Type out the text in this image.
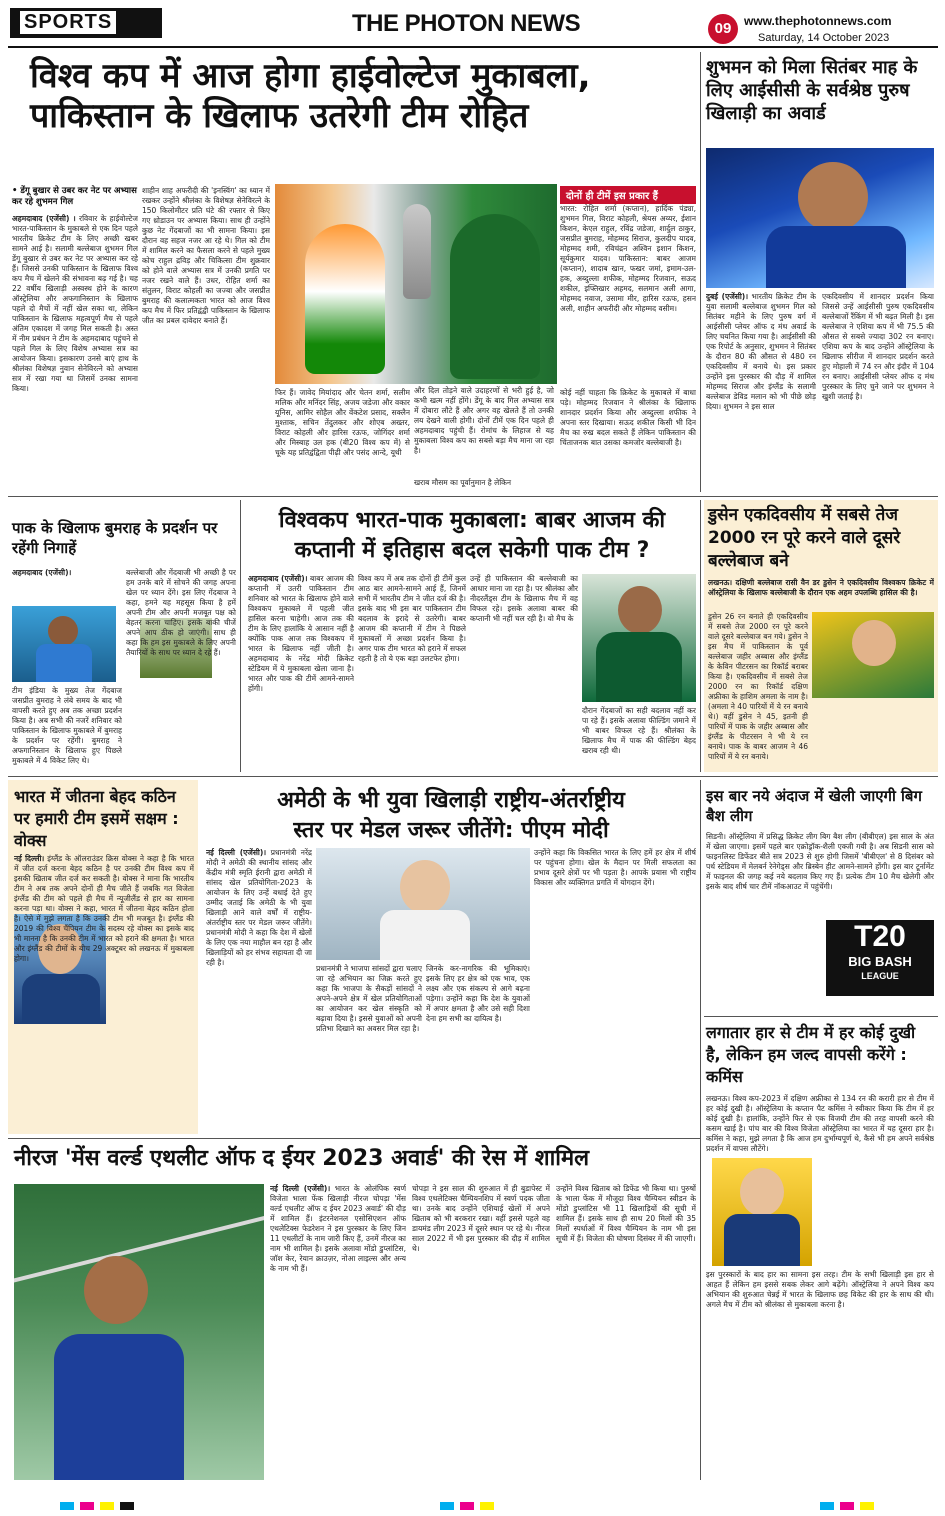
SPORTS	THE PHOTON NEWS	09	www.thephotonnews.com
Saturday, 14 October 2023
विश्व कप में आज होगा हाईवोल्टेज मुकाबला,
पाकिस्तान के खिलाफ उतरेगी टीम रोहित
• डेंगू बुखार से उबर कर नेट पर अभ्यास कर रहे शुभमन गिल
अहमदाबाद (एजेंसी) । रविवार के हाईवोल्टेज भारत-पाकिस्तान के मुकाबले से एक दिन पहले भारतीय क्रिकेट टीम के लिए अच्छी खबर सामने आई है। सलामी बल्लेबाज शुभमन गिल डेंगू बुखार से उबर कर नेट पर अभ्यास कर रहे हैं। जिससे उनकी पाकिस्तान के खिलाफ विश्व कप मैच में खेलने की संभावना बढ़ गई है। चह 22 वर्षीय खिलाड़ी अस्वस्थ होने के कारण ऑस्ट्रेलिया और अफगानिस्तान के खिलाफ पहले दो मैचों में नहीं खेल सका था, लेकिन पाकिस्तान के खिलाफ महत्वपूर्ण मैच से पहले अंतिम एकादश में जगह मिल सकती है। अस्त में नीम प्रबंधन ने टीम के अहमदाबाद पहुंचने से पहले गिल के लिए विशेष अभ्यास सत्र का आयोजन किया। इसकारण उनसे बाएं हाथ के श्रीलंका विशेषज्ञ नुवान सेनेविरत्ने को अभ्यास सत्र में रखा गया था जिसमें उनका सामना किया।
शाहीन शाह अफरीदी की 'इनस्विंग' का ध्यान में रखकर उन्होंने श्रीलंका के विशेषज्ञ सेनेविरत्ने के 150 किलोमीटर प्रति घंटे की रफ्तार से किए गए थ्रोडाउन पर अभ्यास किया। साथ ही उन्होंने कुछ नेट गेंदबाजों का भी सामना किया। इस दौरान वह सहज नजर आ रहे थे। गिल को टीम में शामिल करने का फैसला करने से पहले मुख्य कोच राहुल द्रविड़ और चिकित्सा टीम शुक्रवार को होने वाले अभ्यास सत्र में उनकी प्रगति पर नजर रखने वाले हैं। उधर, रोहित शर्मा का संतुलन, विराट कोहली का जज्बा और जसप्रीत बुमराह की कलात्मकता भारत को आज विश्व कप मैच में फिर प्रतिद्वंद्वी पाकिस्तान के खिलाफ जीत का प्रबल दावेदार बनाते हैं।
फिर हैं। जावेद मियांदाद और चेतन शर्मा, सलीम मलिक और मनिंदर सिंह, अजय जडेजा और वकार यूनिस, आमिर सोहैल और वेंकटेश प्रसाद, सक्लैन मुश्ताक, सचिन तेंदुलकर और शोएब अख्तर, विराट कोहली और हारिस रऊफ, जोगिंदर शर्मा और मिस्बाह उल हक (बी20 विश्व कप में) से चूके यह प्रतिद्वंद्विता पीढ़ी और पसंद आन्दे, यूथी
और दिल तोड़ने वाले उदाहरणों से भरी हुई है, जो कभी खत्म नहीं होंगे। डेंगू के बाद गिल अभ्यास सत्र में दोबारा लौटे हैं और अगर वह खेलते हैं तो उनकी लय देखने वाली होगी। दोनों टीमें एक दिन पहले ही अहमदाबाद पहुंची हैं। रोमांच के लिहाज से यह मुकाबला विश्व कप का सबसे बड़ा मैच माना जा रहा है।
खराब मौसम का पूर्वानुमान है लेकिन
दोनों ही टीमें इस प्रकार हैं
भारत: रोहित शर्मा (कप्तान), हार्दिक पंड्या, शुभमन गिल, विराट कोहली, श्रेयस अय्यर, ईशान किशन, केएल राहुल, रविंद्र जडेजा, शार्दुल ठाकुर, जसप्रीत बुमराह, मोहम्मद सिराज, कुलदीप यादव, मोहम्मद शमी, रविचंद्रन अश्विन इशान किशन, सूर्यकुमार यादव। पाकिस्तान: बाबर आजम (कप्तान), शादाब खान, फखर जमां, इमाम-उल-हक, अब्दुल्ला शफीक, मोहम्मद रिजवान, सऊद शकील, इफ्तिखार अहमद, सलमान अली आगा, मोहम्मद नवाज, उसामा मीर, हारिस रऊफ, हसन अली, शाहीन अफरीदी और मोहम्मद वसीम।
कोई नहीं चाहता कि क्रिकेट के मुकाबले में बाधा पड़े। मोहम्मद रिजवान ने श्रीलंका के खिलाफ शानदार प्रदर्शन किया और अब्दुल्ला शफीक ने अपना स्तर दिखाया। सऊद शकील किसी भी दिन मैच का रुख बदल सकते हैं लेकिन पाकिस्तान की चिंताजनक बात उसका कमजोर बल्लेबाजी है।
शुभमन को मिला सितंबर माह के लिए आईसीसी के सर्वश्रेष्ठ पुरुष खिलाड़ी का अवार्ड
दुबई (एजेंसी)। भारतीय क्रिकेट टीम के युवा सलामी बल्लेबाज शुभमन गिल को सितंबर महीने के लिए पुरुष वर्ग में आईसीसी प्लेयर ऑफ द मंथ अवार्ड के लिए चयनित किया गया है। आईसीसी की एक रिपोर्ट के अनुसार, शुभमन ने सितंबर के दौरान 80 की औसत से 480 रन एकदिवसीय में बनाये थे। इस प्रकार उन्होंने इस पुरस्कार की दौड़ में शामिल मोहम्मद सिराज और इंग्लैंड के सलामी बल्लेबाज डेविड मलान को भी पीछे छोड़ दिया। शुभमन ने इस साल
एकदिवसीय में शानदार प्रदर्शन किया जिससे उन्हें आईसीसी पुरुष एकदिवसीय बल्लेबाजों रैंकिंग में भी बढ़त मिली है। इस बल्लेबाज ने एशिया कप में भी 75.5 की औसत से सबसे ज्यादा 302 रन बनाए। एशिया कप के बाद उन्होंने ऑस्ट्रेलिया के खिलाफ सीरीज में शानदार प्रदर्शन करते हुए मोहाली में 74 रन और इंदौर में 104 रन बनाए। आईसीसी प्लेयर ऑफ द मंथ पुरस्कार के लिए चुने जाने पर शुभमन ने खुशी जताई है।
पाक के खिलाफ बुमराह के प्रदर्शन पर रहेंगी निगाहें
अहमदाबाद (एजेंसी)।
टीम इंडिया के मुख्य तेज गेंदबाज जसप्रीत बुमराह ने लंबे समय के बाद भी वापसी करते हुए अब तक अच्छा प्रदर्शन किया है। अब सभी की नजरें शनिवार को पाकिस्तान के खिलाफ मुकाबले में बुमराह के प्रदर्शन पर रहेंगी। बुमराह ने अफगानिस्तान के खिलाफ हुए पिछले मुकाबले में 4 विकेट लिए थे।
बल्लेबाजी और गेंदबाजी भी अच्छी है पर हम उनके बारे में सोचने की जगह अपना खेल पर ध्यान देंगे। इस लिए गेंदबाज ने कहा, हमने यह महसूस किया है हमें अपनी टीम और अपनी मजबूत पक्ष को बेहतर करना चाहिए। इसके बाकी चीजें अपने आप ठीक हो जाएंगी। साथ ही कहा कि हम इस मुकाबले के लिए अपनी तैयारियों के साथ पर ध्यान दे रहे हैं।
विश्वकप भारत-पाक मुकाबला: बाबर आजम की
कप्तानी में इतिहास बदल सकेगी पाक टीम ?
अहमदाबाद (एजेंसी)। बाबर आजम की कप्तानी में उतरी पाकिस्तान टीम शनिवार को भारत के खिलाफ होने वाले विश्वकप मुकाबले में पहली जीत हासिल करना चाहेगी। आज तक की टीम के लिए हालांकि ये आसान नहीं है क्योंकि पाक आज तक विश्वकप में भारत के खिलाफ नहीं जीती है। अहमदाबाद के नरेंद्र मोदी क्रिकेट स्टेडियम में ये मुकाबला खेला जाना है। भारत और पाक की टीमें आमने-सामने होंगी।
विश्व कप में अब तक दोनों ही टीमें कुल आठ बार आमने-सामने आई हैं, जिनमें सभी में भारतीय टीम ने जीत दर्ज की है। इसके बाद भी इस बार पाकिस्तान टीम बदलाव के इरादे से उतरेगी। बाबर आजम की कप्तानी में टीम ने पिछले मुकाबलों में अच्छा प्रदर्शन किया है। अगर पाक टीम भारत को हराने में सफल रहती है तो ये एक बड़ा उलटफेर होगा।
उन्हें ही पाकिस्तान की बल्लेबाजी का आधार माना जा रहा है। पर श्रीलंका और नीदरलैंड्स टीम के खिलाफ मैच में वह विफल रहे। इसके अलावा बाबर की कप्तानी भी नहीं चल रही है। वो मैच के
दौरान गेंदबाजों का सही बदलाव नहीं कर पा रहे हैं। इसके अलावा फील्डिंग जमाने में भी बाबर विफल रहे हैं। श्रीलंका के खिलाफ मैच में पाक की फील्डिंग बेहद खराब रही थी।
डुसेन एकदिवसीय में सबसे तेज 2000 रन पूरे करने वाले दूसरे बल्लेबाज बने
लखनऊ। दक्षिणी बल्लेबाज रासी वैन डर डुसेन ने एकदिवसीय विश्वकप क्रिकेट में ऑस्ट्रेलिया के खिलाफ बल्लेबाजी के दौरान एक अहम उपलब्धि हासिल की है।
डुसेन 26 रन बनाते ही एकदिवसीय में सबसे तेज 2000 रन पूरे करने वाले दूसरे बल्लेबाज बन गये। डुसेन ने इस मैच में पाकिस्तान के पूर्व बल्लेबाज जहीर अब्बास और इंग्लैंड के केविन पीटरसन का रिकॉर्ड बराबर किया है। एकदिवसीय में सबसे तेज 2000 रन का रिकॉर्ड दक्षिण अफ्रीका के हाशिम अमला के नाम है। (अमला ने 40 पारियों में ये रन बनाये थे।) वहीं डुसेन ने 45, इतनी ही पारियों में पाक के जहीर अब्बास और इंग्लैंड के पीटरसन ने भी ये रन बनाये। पाक के बाबर आजम ने 46 पारियों में ये रन बनाये।
भारत में जीतना बेहद कठिन पर हमारी टीम इसमें सक्षम : वोक्स
नई दिल्ली। इंग्लैंड के ऑलराउंडर क्रिस वोक्स ने कहा है कि भारत में जीत दर्ज करना बेहद कठिन है पर उनकी टीम विश्व कप में इसकी खिताब जीत दर्ज कर सकती है। वोक्स ने माना कि भारतीय टीम ने अब तक अपने दोनों ही मैच जीते हैं जबकि गत विजेता इंग्लैंड की टीम को पहले ही मैच में न्यूजीलैंड से हार का सामना करना पड़ा था। वोक्स ने कहा, भारत में जीतना बेहद कठिन होता है। ऐसे में मुझे लगता है कि उनकी टीम भी मजबूत है। इंग्लैंड की 2019 की विश्व चैंपियन टीम के सदस्य रहे वोक्स का इसके बाद भी मानना है कि उनकी टीम में भारत को हराने की क्षमता है। भारत और इंग्लैंड की टीमों के बीच 29 अक्टूबर को लखनऊ में मुकाबला होगा।
अमेठी के भी युवा खिलाड़ी राष्ट्रीय-अंतर्राष्ट्रीय
स्तर पर मेडल जरूर जीतेंगे: पीएम मोदी
नई दिल्ली (एजेंसी)। प्रधानमंत्री नरेंद्र मोदी ने अमेठी की स्थानीय सांसद और केंद्रीय मंत्री स्मृति ईरानी द्वारा अमेठी में सांसद खेल प्रतियोगिता-2023 के आयोजन के लिए उन्हें बधाई देते हुए उम्मीद जताई कि अमेठी के भी युवा खिलाड़ी आने वाले वर्षों में राष्ट्रीय-अंतर्राष्ट्रीय स्तर पर मेडल जरूर जीतेंगे। प्रधानमंत्री मोदी ने कहा कि देश में खेलों के लिए एक नया माहौल बन रहा है और खिलाड़ियों को हर संभव सहायता दी जा रही है।
प्रधानमंत्री ने भाजपा सांसदों द्वारा चलाए जा रहे अभियान का जिक्र करते हुए कहा कि भाजपा के सैकड़ों सांसदों ने अपने-अपने क्षेत्र में खेल प्रतियोगिताओं का आयोजन कर खेल संस्कृति को बढ़ावा दिया है। इससे युवाओं को अपनी प्रतिभा दिखाने का अवसर मिल रहा है।
जिनके कर-नागरिक की भूमिकाएं। इसके लिए हर क्षेत्र को एक भाव, एक लक्ष्य और एक संकल्प से आगे बढ़ना पड़ेगा। उन्होंने कहा कि देश के युवाओं में अपार क्षमता है और उसे सही दिशा देना हम सभी का दायित्व है।
उन्होंने कहा कि विकसित भारत के लिए हमें हर क्षेत्र में शीर्ष पर पहुंचना होगा। खेल के मैदान पर मिली सफलता का प्रभाव दूसरे क्षेत्रों पर भी पड़ता है। आपके प्रयास भी राष्ट्रीय विकास और व्यक्तिगत प्रगति में योगदान देंगे।
इस बार नये अंदाज में खेली जाएगी बिग बैश लीग
T20
BIG BASH
LEAGUE
सिडनी। ऑस्ट्रेलिया में प्रसिद्ध क्रिकेट लीग बिग बैश लीग (बीबीएल) इस साल के अंत में खेला जाएगा। इसमें पहले बार एक्रोड्रॉक-शैली एक्जी गयी है। अब सिडनी सास को फाइनलिस्ट डिफेंडर बीते सत्र 2023 से शुरु होगी जिसमें 'बीबीएल' से 8 दिसंबर को पर्थ स्टेडियम में मेलबर्न रेनेगेड्स और ब्रिस्बेन हीट आमने-सामने होंगी। इस बार टूर्नामेंट में फाइनल की जगह कई नये बदलाव किए गए हैं। प्रत्येक टीम 10 मैच खेलेगी और इसके बाद शीर्ष चार टीमें नॉकआउट में पहुंचेंगी।
लगातार हार से टीम में हर कोई दुखी है, लेकिन हम जल्द वापसी करेंगे : कमिंस
लखनऊ। विश्व कप-2023 में दक्षिण अफ्रीका से 134 रन की करारी हार से टीम में हर कोई दुखी है। ऑस्ट्रेलिया के कप्तान पैट कमिंस ने स्वीकार किया कि टीम में हर कोई दुखी है। हालांकि, उन्होंने फिर से एक विजयी टीम की तरह वापसी करने की कसम खाई है। पांच बार की विश्व विजेता ऑस्ट्रेलिया का भारत में यह दूसरा हार है। कमिंस ने कहा, मुझे लगता है कि आज हम दुर्भाग्यपूर्ण थे, कैसे भी हम अपने सर्वश्रेष्ठ प्रदर्शन में वापस लौटेंगे।
इस पुरस्कारों के बाद हार का सामना इस तरह। टीम के सभी खिलाड़ी इस हार से आहत हैं लेकिन हम इससे सबक लेकर आगे बढ़ेंगे। ऑस्ट्रेलिया ने अपने विश्व कप अभियान की शुरुआत चेन्नई में भारत के खिलाफ छह विकेट की हार के साथ की थी। अगले मैच में टीम को श्रीलंका से मुकाबला करना है।
नीरज 'मेंस वर्ल्ड एथलीट ऑफ द ईयर 2023 अवार्ड' की रेस में शामिल
नई दिल्ली (एजेंसी)। भारत के ओलंपिक स्वर्ण विजेता भाला फेंक खिलाड़ी नीरज चोपड़ा 'मेंस वर्ल्ड एथलीट ऑफ द ईयर 2023 अवार्ड' की दौड़ में शामिल हैं। इंटरनेशनल एसोसिएशन ऑफ एथलेटिक्स फेडरेशन ने इस पुरस्कार के लिए जिन 11 एथलीटों के नाम जारी किए हैं, उनमें नीरज का नाम भी शामिल है। इसके अलावा मोंडो डुप्लांटिस, जॉश केर, रेयान क्राउज़र, नोआ लाइल्स और अन्य के नाम भी हैं।
चोपड़ा ने इस साल की शुरुआत में ही बुडापेस्ट में विश्व एथलेटिक्स चैम्पियनशिप में स्वर्ण पदक जीता था। उनके बाद उन्होंने एशियाई खेलों में अपने खिताब को भी बरकरार रखा। वहीं इससे पहले वह डायमंड लीग 2023 में दूसरे स्थान पर रहे थे। नीरज साल 2022 में भी इस पुरस्कार की दौड़ में शामिल थे।
उन्होंने विश्व खिताब को डिफेंड भी किया था। पुरुषों के भाला फेंक में मौजूदा विश्व चैम्पियन स्वीडन के मोंडो डुप्लांटिस भी 11 खिलाड़ियों की सूची में शामिल हैं। इसके साथ ही साथ 20 मिलों की 35 मिलों स्पर्धाओं में विश्व चैम्पियन के नाम भी इस सूची में हैं। विजेता की घोषणा दिसंबर में की जाएगी।
